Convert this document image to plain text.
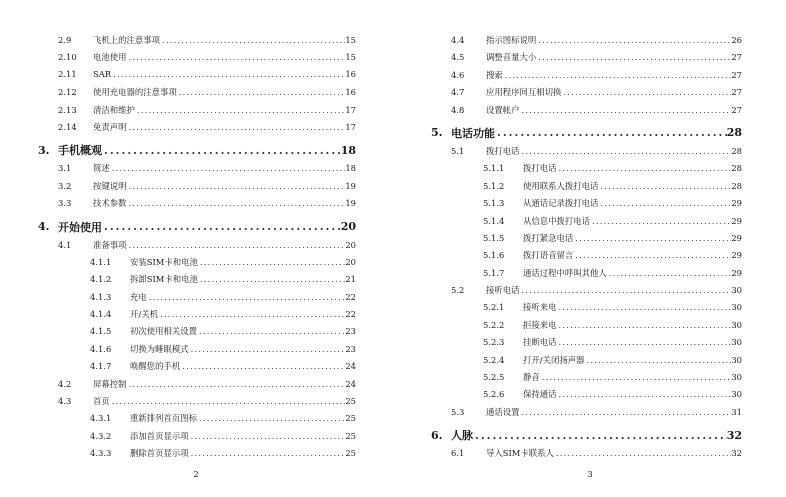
2.9	飞机上的注意事项 .....	15
2.10	电池使用 .....	15
2.11	SAR .....	16
2.12	使用充电器的注意事项 .....	16
2.13	清洁和维护 .....	17
2.14	免责声明 .....	17
3. 手机概观 .....	18
3.1	简述 .....	18
3.2	按键说明 .....	19
3.3	技术参数 .....	19
4. 开始使用 .....	20
4.1	准备事项 .....	20
4.1.1	安装SIM卡和电池 .....	20
4.1.2	拆卸SIM卡和电池 .....	21
4.1.3	充电 .....	22
4.1.4	开/关机 .....	22
4.1.5	初次使用相关设置 .....	23
4.1.6	切换为睡眠模式 .....	23
4.1.7	唤醒您的手机 .....	24
4.2	屏幕控制 .....	24
4.3	首页 .....	25
4.3.1	重新排列首页图标 .....	25
4.3.2	添加首页显示项 .....	25
4.3.3	删除首页显示项 .....	25
2
4.4	指示图标说明 .....	26
4.5	调整音量大小 .....	27
4.6	搜索 .....	27
4.7	应用程序间互相切换 .....	27
4.8	设置帐户 .....	27
5. 电话功能 .....	28
5.1	拨打电话 .....	28
5.1.1	拨打电话 .....	28
5.1.2	使用联系人拨打电话 .....	28
5.1.3	从通话记录拨打电话 .....	29
5.1.4	从信息中拨打电话 .....	29
5.1.5	拨打紧急电话 .....	29
5.1.6	拨打语音留言 .....	29
5.1.7	通话过程中呼叫其他人 .....	29
5.2	接听电话 .....	30
5.2.1	接听来电 .....	30
5.2.2	拒接来电 .....	30
5.2.3	挂断电话 .....	30
5.2.4	打开/关闭扬声器 .....	30
5.2.5	静音 .....	30
5.2.6	保持通话 .....	30
5.3	通话设置 .....	31
6. 人脉 .....	32
6.1	导入SIM卡联系人 .....	32
3
